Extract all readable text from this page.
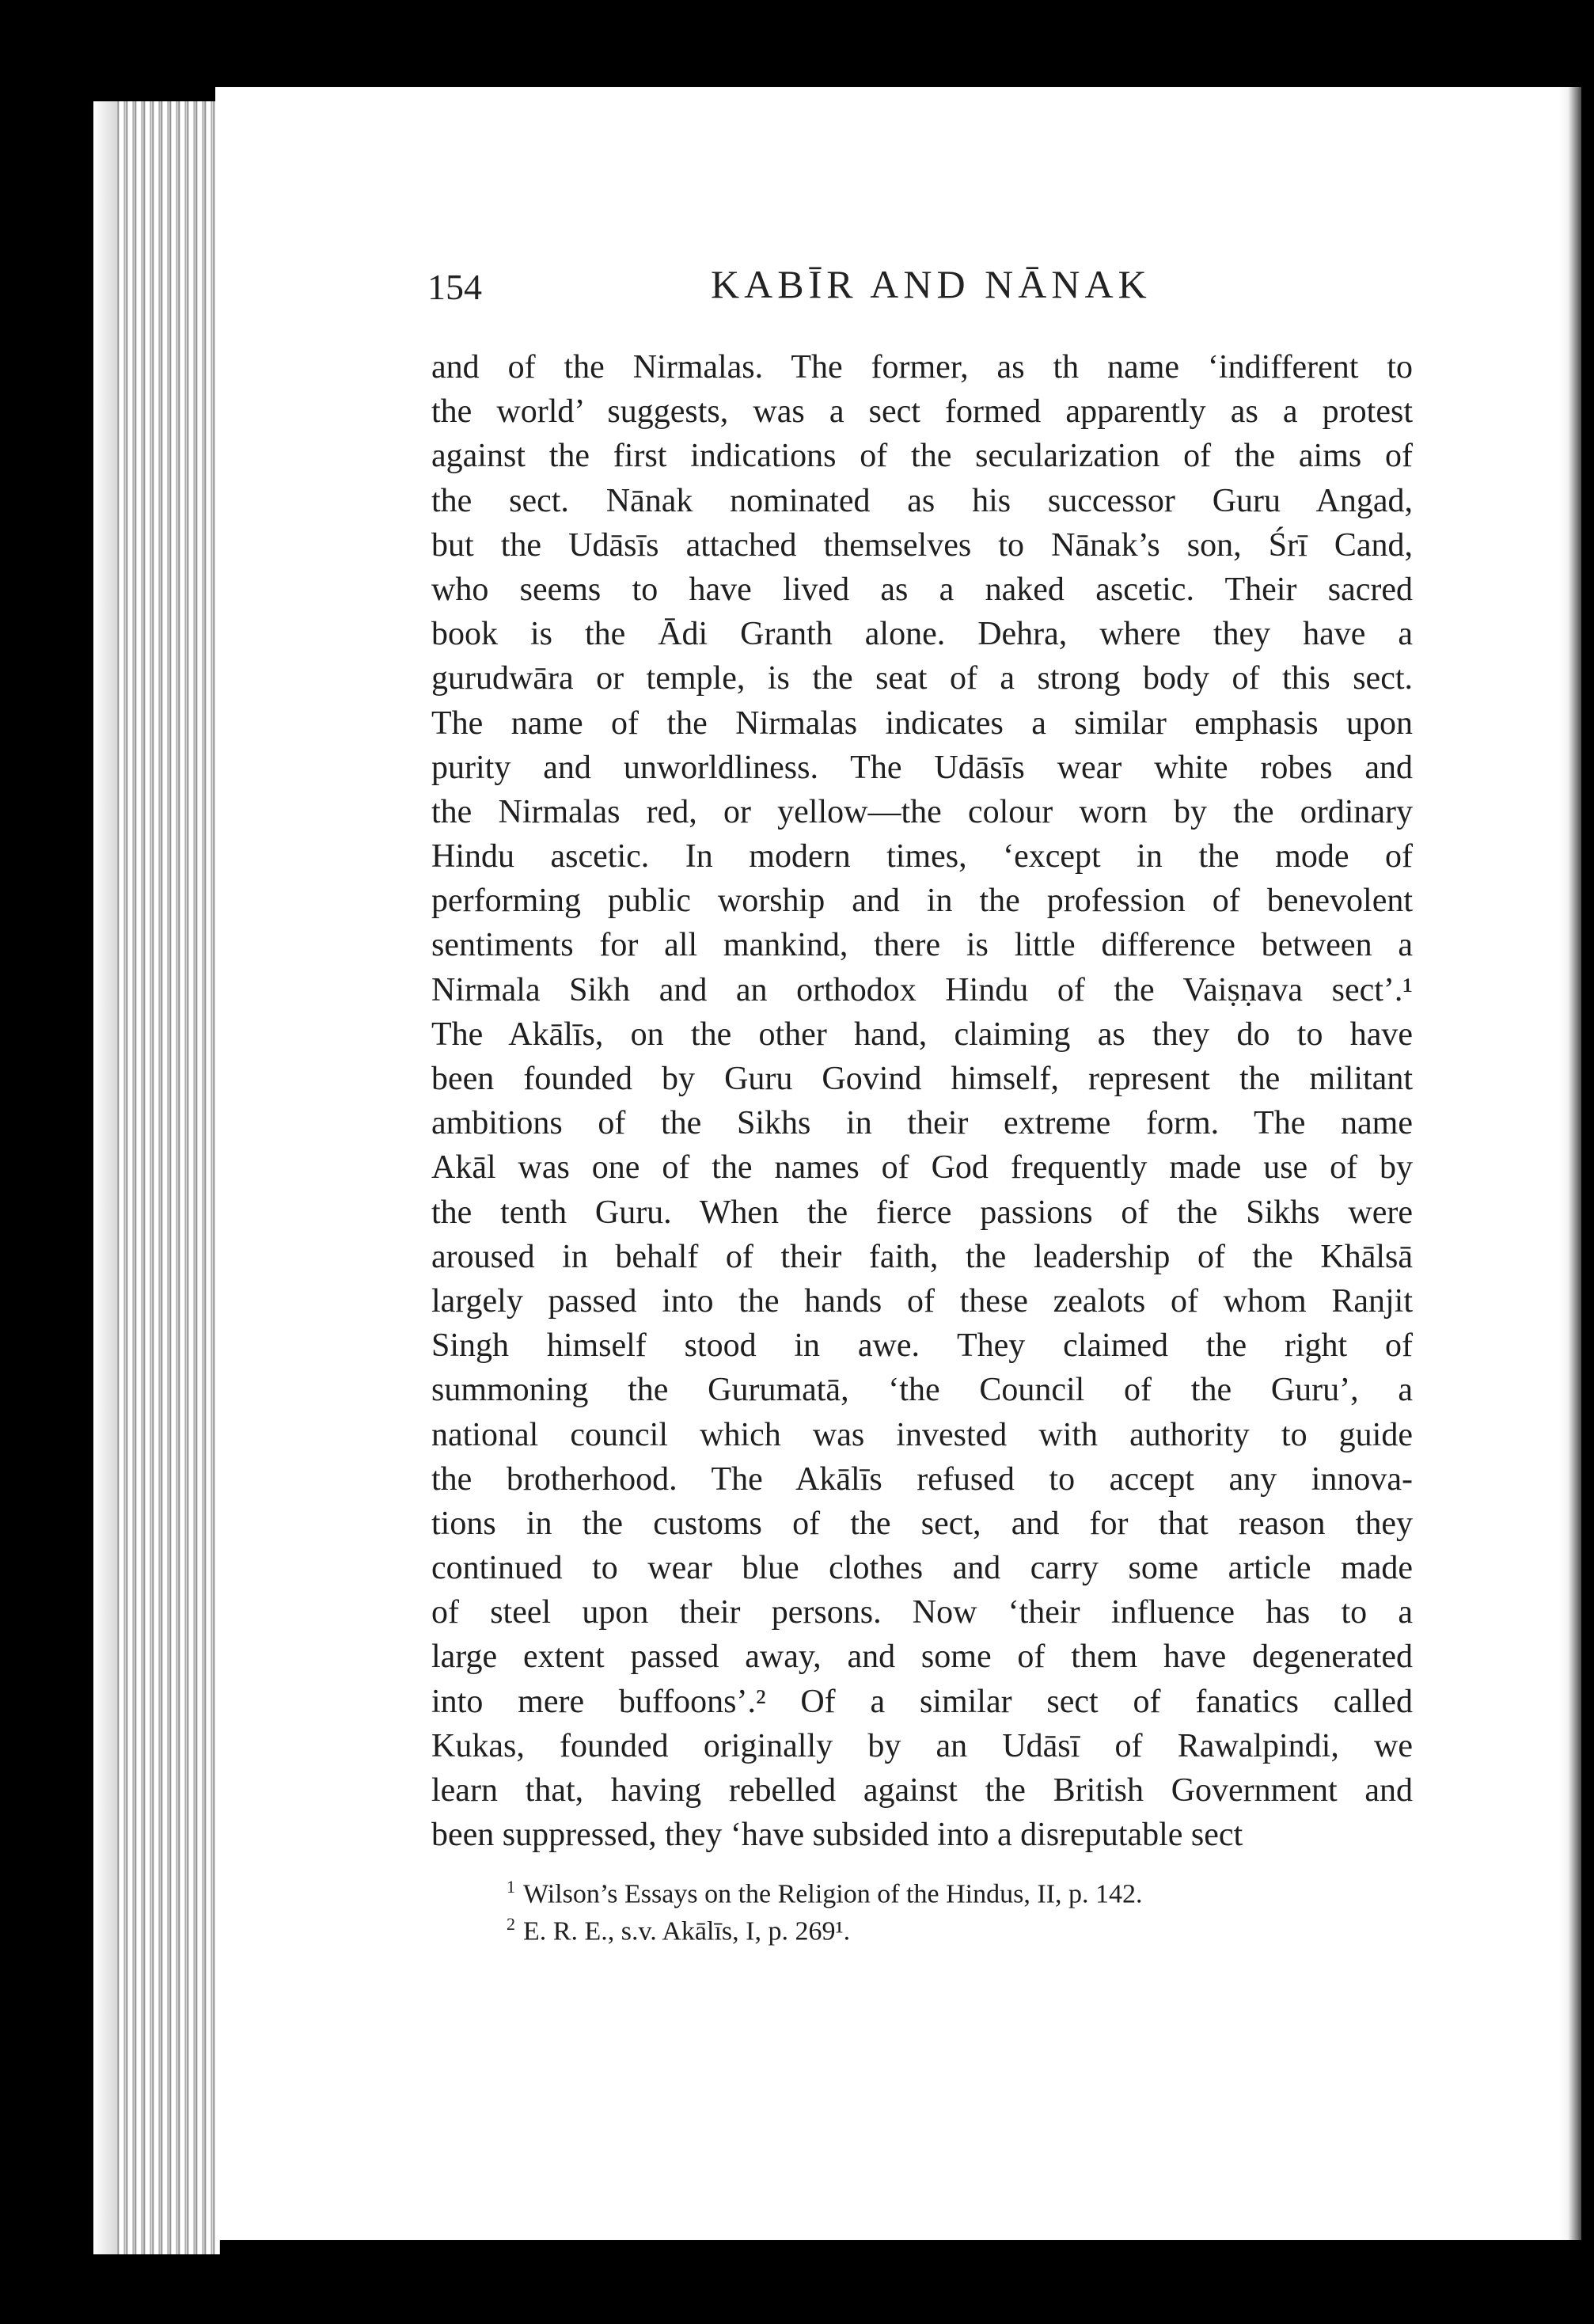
154	KABĪR AND NĀNAK
and of the Nirmalas. The former, as th name ‘indifferent to
the world’ suggests, was a sect formed apparently as a protest
against the first indications of the secularization of the aims of
the sect. Nānak nominated as his successor Guru Angad,
but the Udāsīs attached themselves to Nānak’s son, Śrī Cand,
who seems to have lived as a naked ascetic. Their sacred
book is the Ādi Granth alone. Dehra, where they have a
gurudwāra or temple, is the seat of a strong body of this sect.
The name of the Nirmalas indicates a similar emphasis upon
purity and unworldliness. The Udāsīs wear white robes and
the Nirmalas red, or yellow—the colour worn by the ordinary
Hindu ascetic. In modern times, ‘except in the mode of
performing public worship and in the profession of benevolent
sentiments for all mankind, there is little difference between a
Nirmala Sikh and an orthodox Hindu of the Vaiṣṇava sect’.¹
The Akālīs, on the other hand, claiming as they do to have
been founded by Guru Govind himself, represent the militant
ambitions of the Sikhs in their extreme form. The name
Akāl was one of the names of God frequently made use of by
the tenth Guru. When the fierce passions of the Sikhs were
aroused in behalf of their faith, the leadership of the Khālsā
largely passed into the hands of these zealots of whom Ranjit
Singh himself stood in awe. They claimed the right of
summoning the Gurumatā, ‘the Council of the Guru’, a
national council which was invested with authority to guide
the brotherhood. The Akālīs refused to accept any innova-
tions in the customs of the sect, and for that reason they
continued to wear blue clothes and carry some article made
of steel upon their persons. Now ‘their influence has to a
large extent passed away, and some of them have degenerated
into mere buffoons’.² Of a similar sect of fanatics called
Kukas, founded originally by an Udāsī of Rawalpindi, we
learn that, having rebelled against the British Government and
been suppressed, they ‘have subsided into a disreputable sect
$^1$ Wilson’s Essays on the Religion of the Hindus, II, p. 142.
$^2$ E. R. E., s.v. Akālīs, I, p. 269¹.
